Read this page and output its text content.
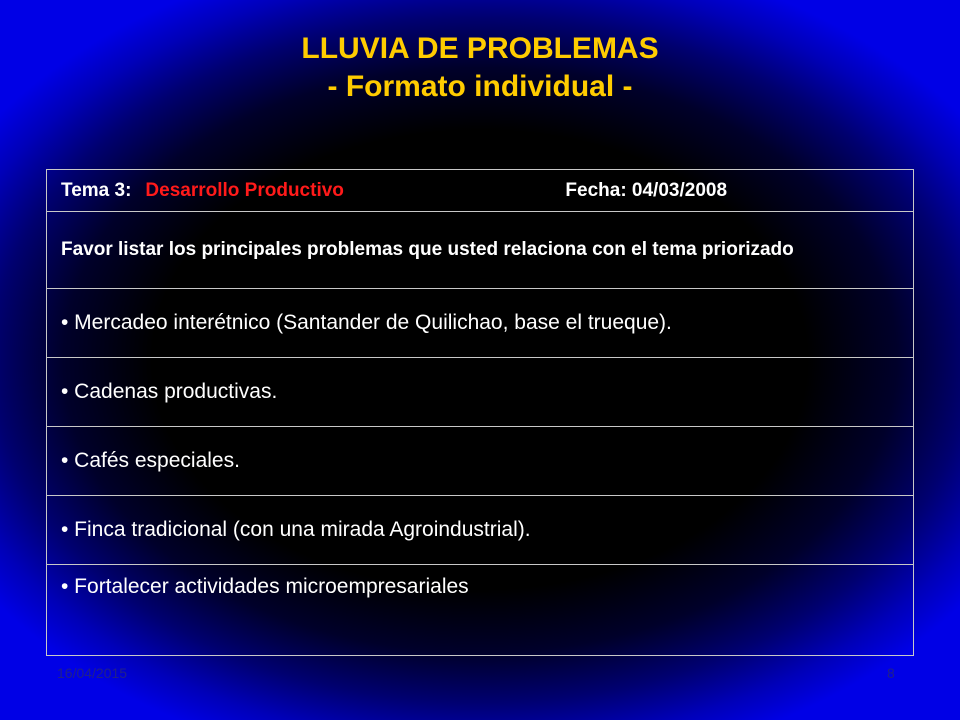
LLUVIA DE PROBLEMAS
- Formato individual -
Tema 3: Desarrollo Productivo	Fecha: 04/03/2008

Favor listar los principales problemas que usted relaciona con el tema priorizado
• Mercadeo interétnico (Santander de Quilichao, base el trueque).
• Cadenas productivas.
• Cafés especiales.
• Finca tradicional (con una mirada Agroindustrial).
• Fortalecer actividades microempresariales
16/04/2015	8
